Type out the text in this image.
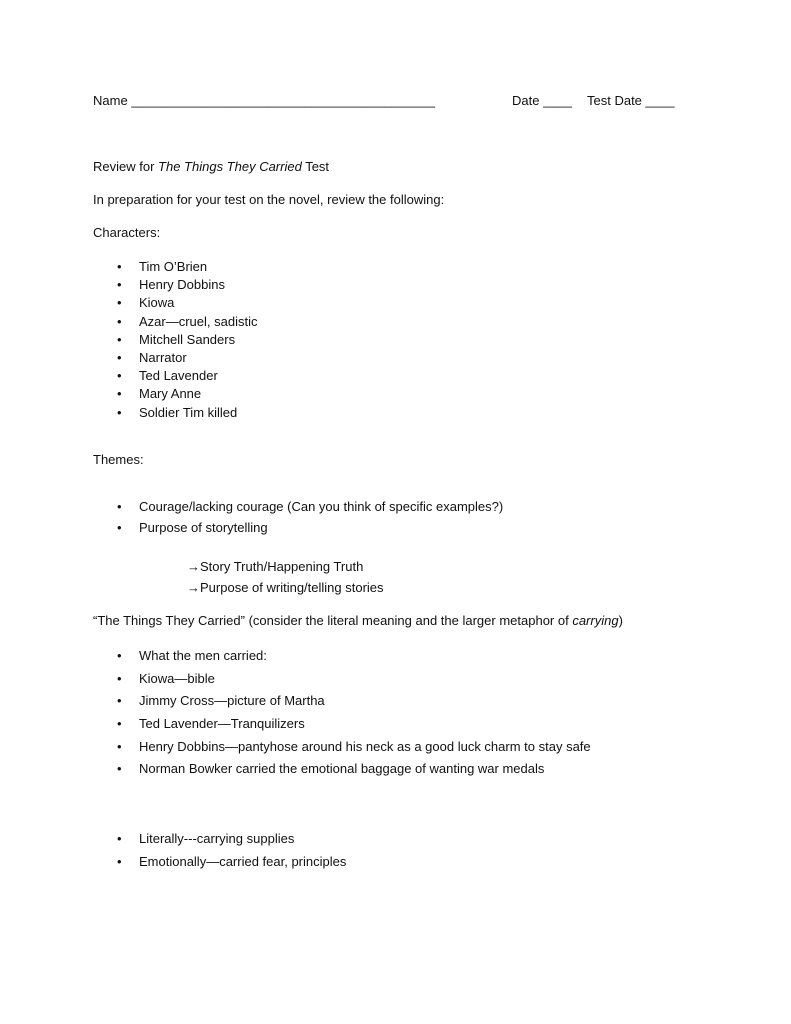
Name __________________________________________	Date ____ Test Date ____
Review for The Things They Carried Test
In preparation for your test on the novel, review the following:
Characters:
• Tim O’Brien
• Henry Dobbins
• Kiowa
• Azar—cruel, sadistic
• Mitchell Sanders
• Narrator
• Ted Lavender
• Mary Anne
• Soldier Tim killed
Themes:
• Courage/lacking courage (Can you think of specific examples?)
• Purpose of storytelling
→Story Truth/Happening Truth
→Purpose of writing/telling stories
“The Things They Carried” (consider the literal meaning and the larger metaphor of carrying)
• What the men carried:
• Kiowa—bible
• Jimmy Cross—picture of Martha
• Ted Lavender—Tranquilizers
• Henry Dobbins—pantyhose around his neck as a good luck charm to stay safe
• Norman Bowker carried the emotional baggage of wanting war medals
• Literally---carrying supplies
• Emotionally—carried fear, principles
